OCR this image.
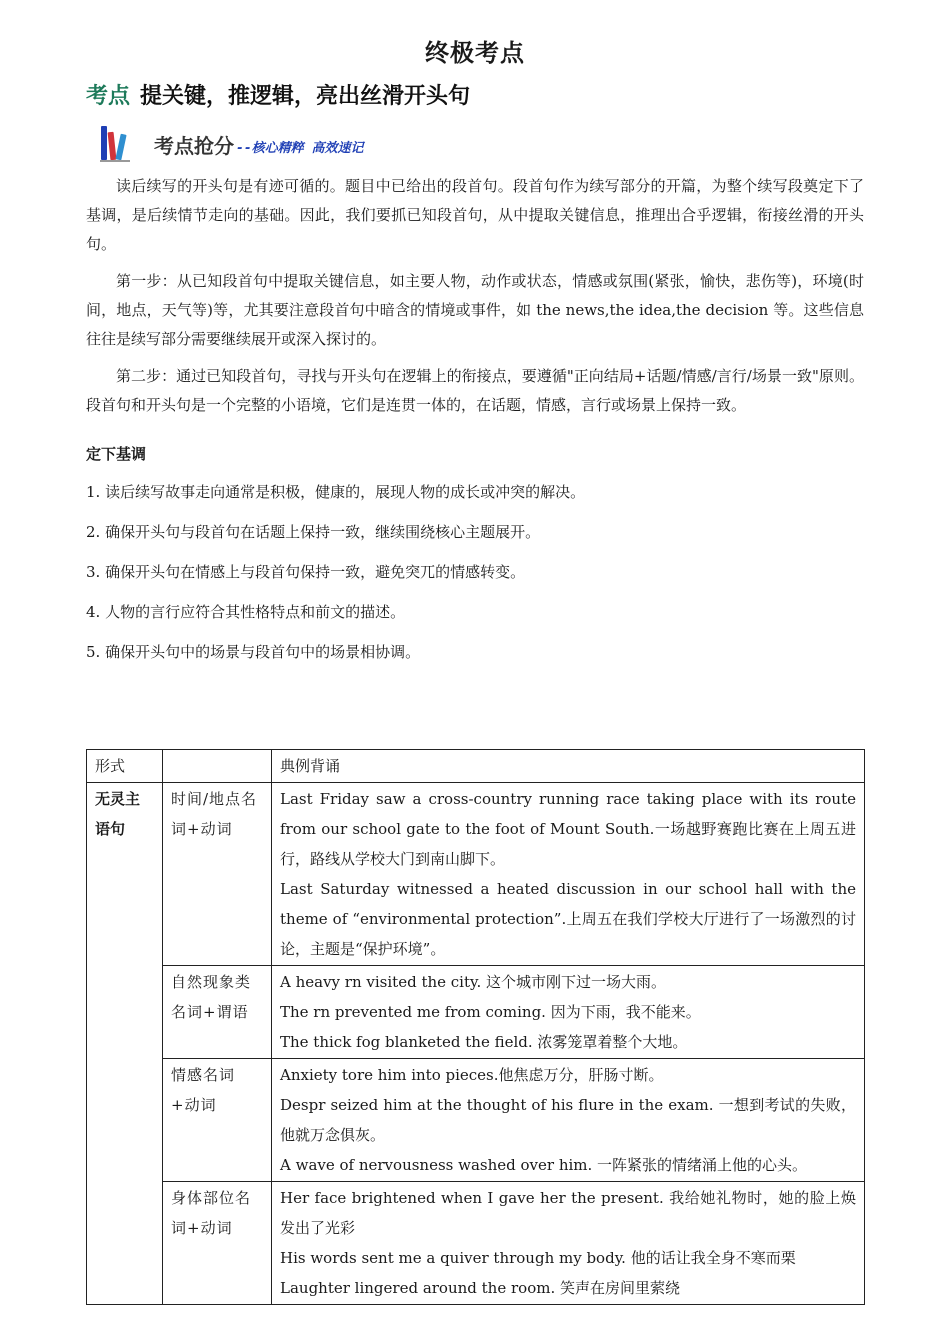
终极考点
考点 提关键，推逻辑，亮出丝滑开头句
考点抢分 --核心精粹 高效速记

读后续写的开头句是有迹可循的。题目中已给出的段首句。段首句作为续写部分的开篇，为整个续写段奠定下了基调，是后续情节走向的基础。因此，我们要抓已知段首句，从中提取关键信息，推理出合乎逻辑，衔接丝滑的开头句。

第一步：从已知段首句中提取关键信息，如主要人物，动作或状态，情感或氛围(紧张，愉快，悲伤等)，环境(时间，地点，天气等)等，尤其要注意段首句中暗含的情境或事件，如 the news,the idea,the decision 等。这些信息往往是续写部分需要继续展开或深入探讨的。

第二步：通过已知段首句，寻找与开头句在逻辑上的衔接点，要遵循"正向结局+话题/情感/言行/场景一致"原则。段首句和开头句是一个完整的小语境，它们是连贯一体的，在话题，情感，言行或场景上保持一致。

定下基调
1. 读后续写故事走向通常是积极，健康的，展现人物的成长或冲突的解决。
2. 确保开头句与段首句在话题上保持一致，继续围绕核心主题展开。
3. 确保开头句在情感上与段首句保持一致，避免突兀的情感转变。
4. 人物的言行应符合其性格特点和前文的描述。
5. 确保开头句中的场景与段首句中的场景相协调。
形式		典例背诵
无灵主语句	时间/地点名词+动词	Last Friday saw a cross-country running race taking place with its route from our school gate to the foot of Mount South.一场越野赛跑比赛在上周五进行，路线从学校大门到南山脚下。
Last Saturday witnessed a heated discussion in our school hall with the theme of “environmental protection”.上周五在我们学校大厅进行了一场激烈的讨论，主题是“保护环境”。

	自然现象类名词+谓语	A heavy rn visited the city. 这个城市刚下过一场大雨。
The rn prevented me from coming. 因为下雨，我不能来。
The thick fog blanketed the field. 浓雾笼罩着整个大地。

	情感名词+动词	Anxiety tore him into pieces.他焦虑万分，肝肠寸断。
Despr seized him at the thought of his flure in the exam. 一想到考试的失败，他就万念俱灰。
A wave of nervousness washed over him. 一阵紧张的情绪涌上他的心头。

	身体部位名词+动词	Her face brightened when I gave her the present. 我给她礼物时，她的脸上焕发出了光彩
His words sent me a quiver through my body. 他的话让我全身不寒而栗
Laughter lingered around the room. 笑声在房间里萦绕
